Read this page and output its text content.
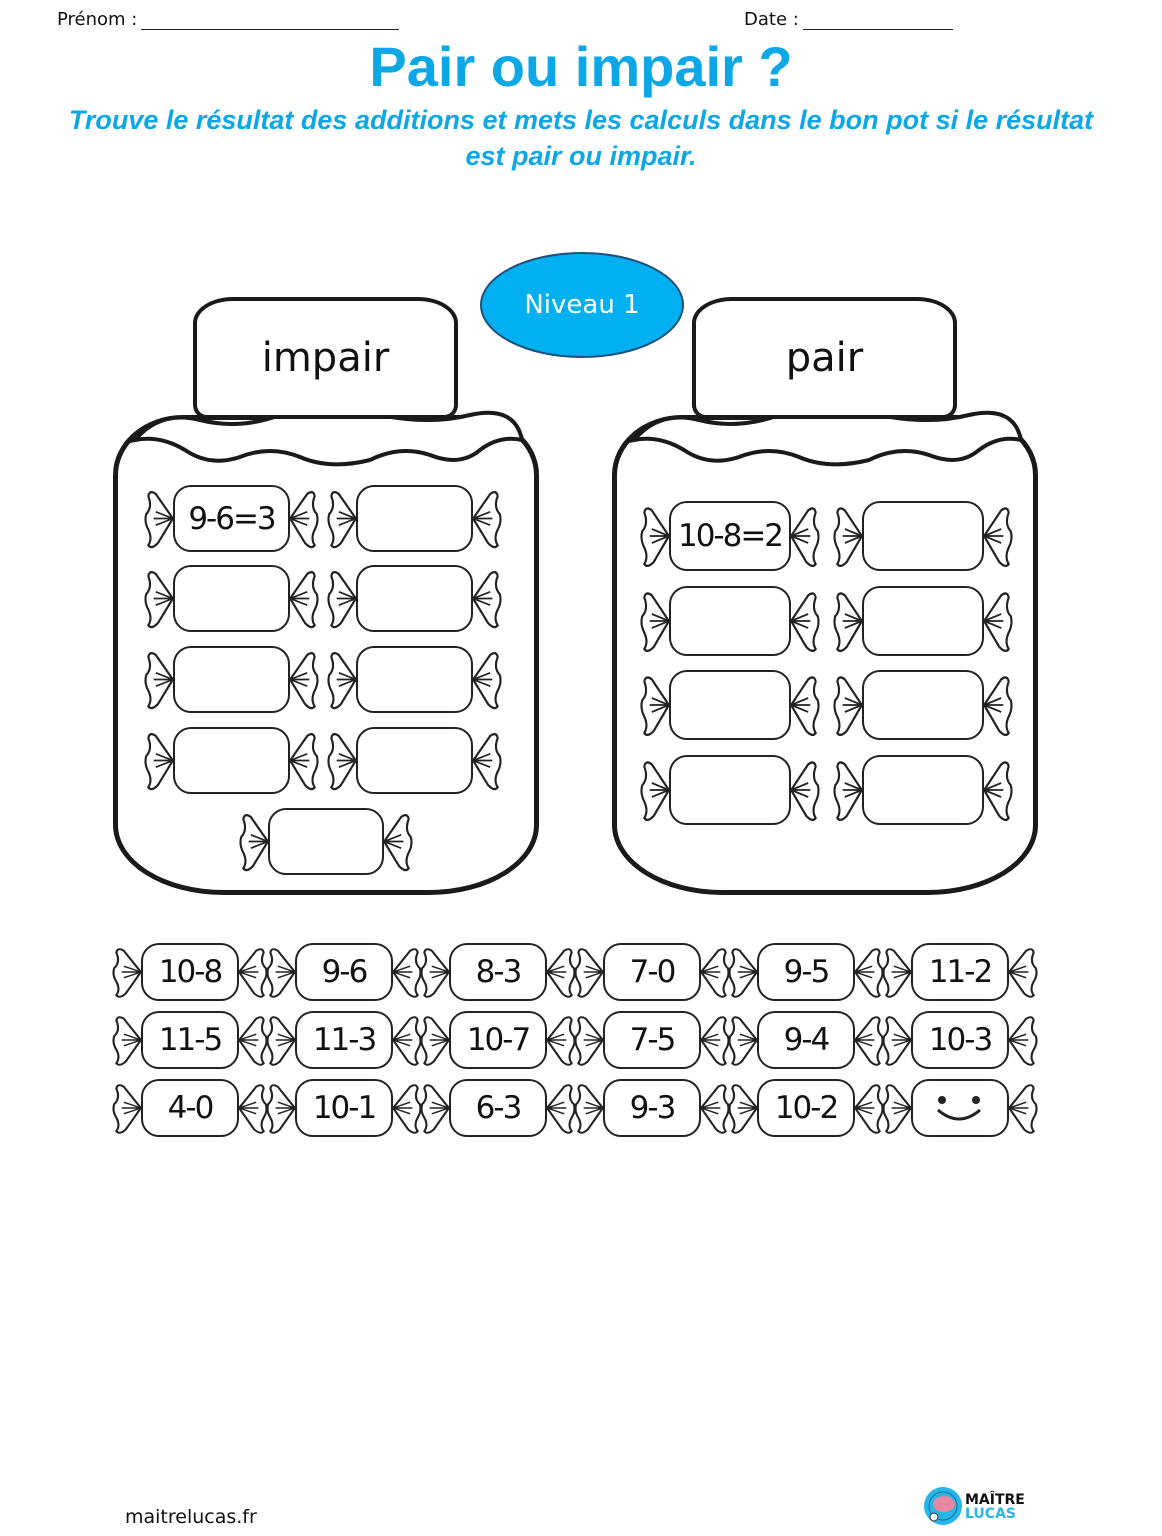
Prénom :	Date :
Pair ou impair ?
Trouve le résultat des additions et mets les calculs dans le bon pot si le résultat est pair ou impair.
impair	pair
Niveau 1
9-6=3	10-8=2
10-8	9-6	8-3	7-0	9-5	11-2
11-5	11-3	10-7	7-5	9-4	10-3
4-0	10-1	6-3	9-3	10-2
maitrelucas.fr
MAÎTRE
LUCAS
